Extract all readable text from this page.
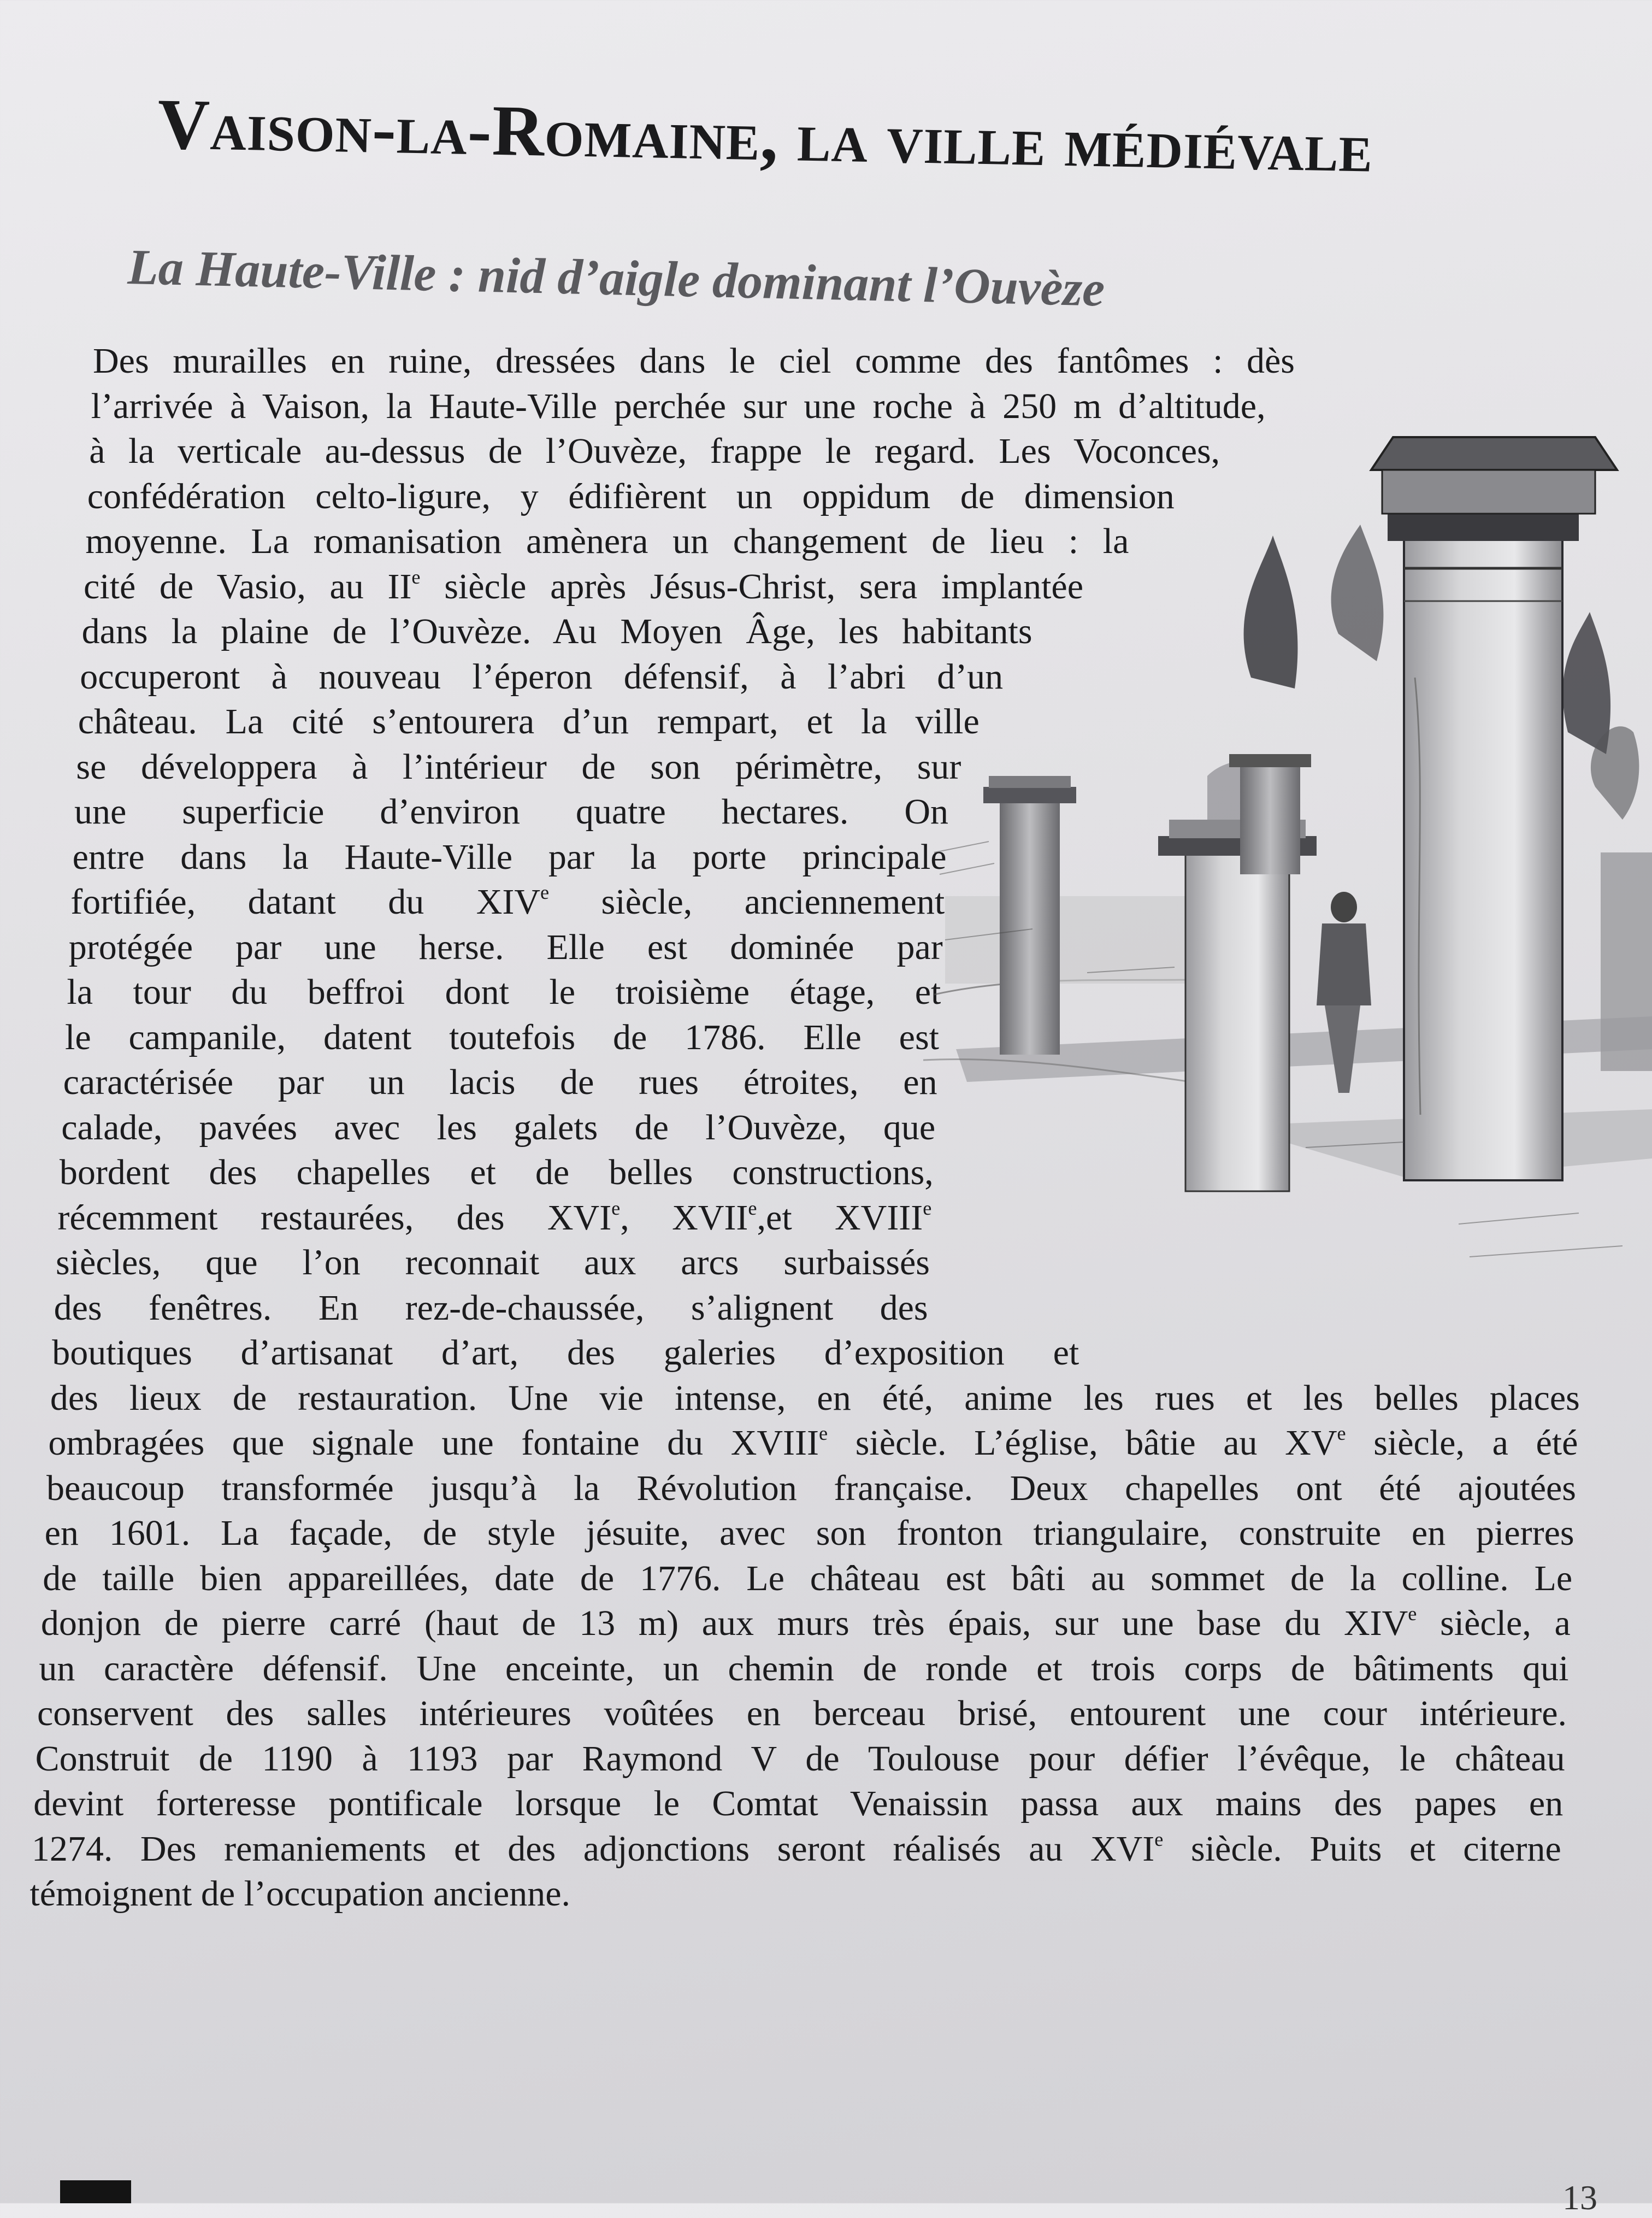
Vaison-la-Romaine, la ville médiévale
La Haute-Ville : nid d’aigle dominant l’Ouvèze
Des murailles en ruine, dressées dans le ciel comme des fantômes : dès
l’arrivée à Vaison, la Haute-Ville perchée sur une roche à 250 m d’altitude,
à la verticale au-dessus de l’Ouvèze, frappe le regard. Les Voconces,
confédération celto-ligure, y édifièrent un oppidum de dimension
moyenne. La romanisation amènera un changement de lieu : la
cité de Vasio, au IIe siècle après Jésus-Christ, sera implantée
dans la plaine de l’Ouvèze. Au Moyen Âge, les habitants
occuperont à nouveau l’éperon défensif, à l’abri d’un
château. La cité s’entourera d’un rempart, et la ville
se développera à l’intérieur de son périmètre, sur
une superficie d’environ quatre hectares. On
entre dans la Haute-Ville par la porte principale
fortifiée, datant du XIVe siècle, anciennement
protégée par une herse. Elle est dominée par
la tour du beffroi dont le troisième étage, et
le campanile, datent toutefois de 1786. Elle est
caractérisée par un lacis de rues étroites, en
calade, pavées avec les galets de l’Ouvèze, que
bordent des chapelles et de belles constructions,
récemment restaurées, des XVIe, XVIIe,et XVIIIe
siècles, que l’on reconnait aux arcs surbaissés
des fenêtres. En rez-de-chaussée, s’alignent des
boutiques d’artisanat d’art, des galeries d’exposition et
des lieux de restauration. Une vie intense, en été, anime les rues et les belles places
ombragées que signale une fontaine du XVIIIe siècle. L’église, bâtie au XVe siècle, a été
beaucoup transformée jusqu’à la Révolution française. Deux chapelles ont été ajoutées
en 1601. La façade, de style jésuite, avec son fronton triangulaire, construite en pierres
de taille bien appareillées, date de 1776. Le château est bâti au sommet de la colline. Le
donjon de pierre carré (haut de 13 m) aux murs très épais, sur une base du XIVe siècle, a
un caractère défensif. Une enceinte, un chemin de ronde et trois corps de bâtiments qui
conservent des salles intérieures voûtées en berceau brisé, entourent une cour intérieure.
Construit de 1190 à 1193 par Raymond V de Toulouse pour défier l’évêque, le château
devint forteresse pontificale lorsque le Comtat Venaissin passa aux mains des papes en
1274. Des remaniements et des adjonctions seront réalisés au XVIe siècle. Puits et citerne
témoignent de l’occupation ancienne.

13
